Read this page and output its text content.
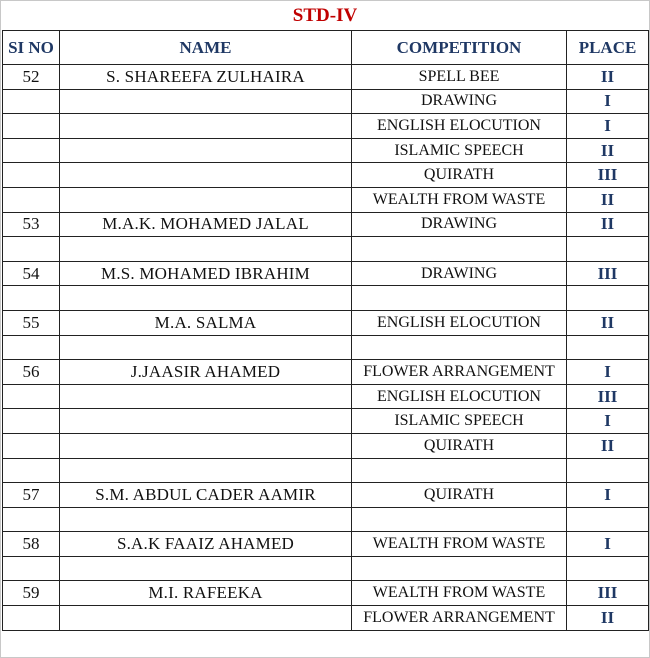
STD-IV
SI NO	NAME	COMPETITION	PLACE
52	S. SHAREEFA ZULHAIRA	SPELL BEE	II
		DRAWING	I
		ENGLISH ELOCUTION	I
		ISLAMIC SPEECH	II
		QUIRATH	III
		WEALTH FROM WASTE	II
53	M.A.K. MOHAMED JALAL	DRAWING	II

54	M.S. MOHAMED IBRAHIM	DRAWING	III

55	M.A. SALMA	ENGLISH ELOCUTION	II

56	J.JAASIR AHAMED	FLOWER ARRANGEMENT	I
		ENGLISH ELOCUTION	III
		ISLAMIC SPEECH	I
		QUIRATH	II

57	S.M. ABDUL CADER AAMIR	QUIRATH	I

58	S.A.K FAAIZ AHAMED	WEALTH FROM WASTE	I

59	M.I. RAFEEKA	WEALTH FROM WASTE	III
		FLOWER ARRANGEMENT	II
